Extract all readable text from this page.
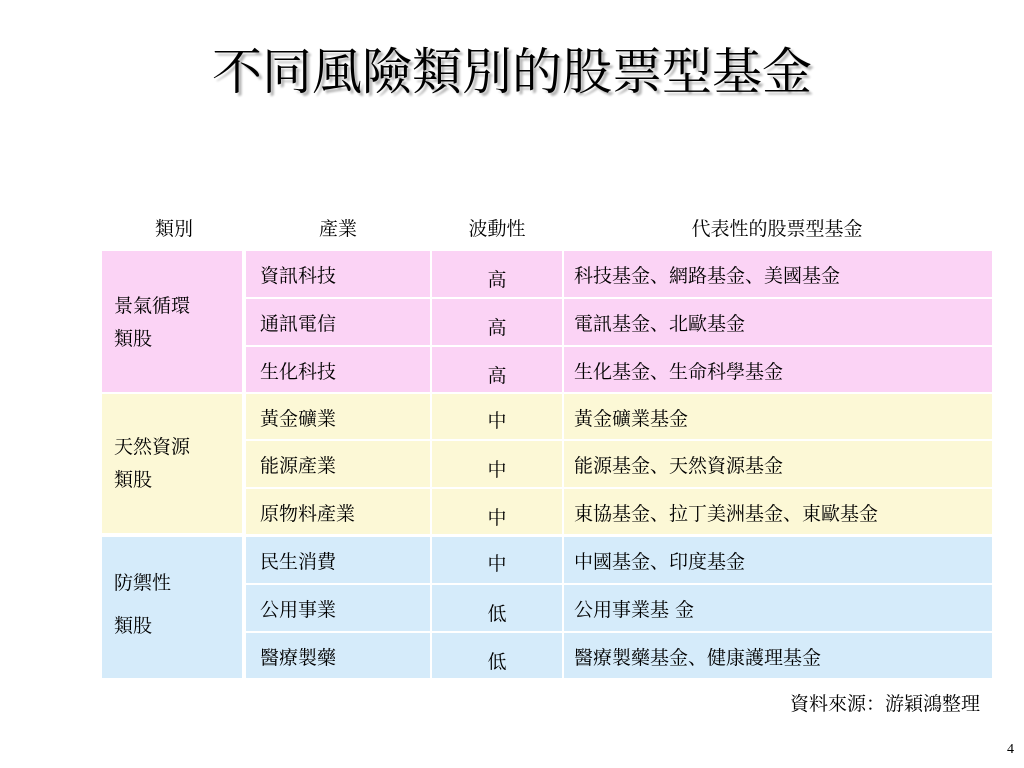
不同風險類別的股票型基金
類別	產業	波動性	代表性的股票型基金
景氣循環
類股
資訊科技	高	科技基金、網路基金、美國基金
通訊電信	高	電訊基金、北歐基金
生化科技	高	生化基金、生命科學基金
天然資源
類股
黃金礦業	中	黃金礦業基金
能源產業	中	能源基金、天然資源基金
原物料產業	中	東協基金、拉丁美洲基金、東歐基金
防禦性
類股
民生消費	中	中國基金、印度基金
公用事業	低	公用事業基 金
醫療製藥	低	醫療製藥基金、健康護理基金
資料來源：游穎鴻整理
4
